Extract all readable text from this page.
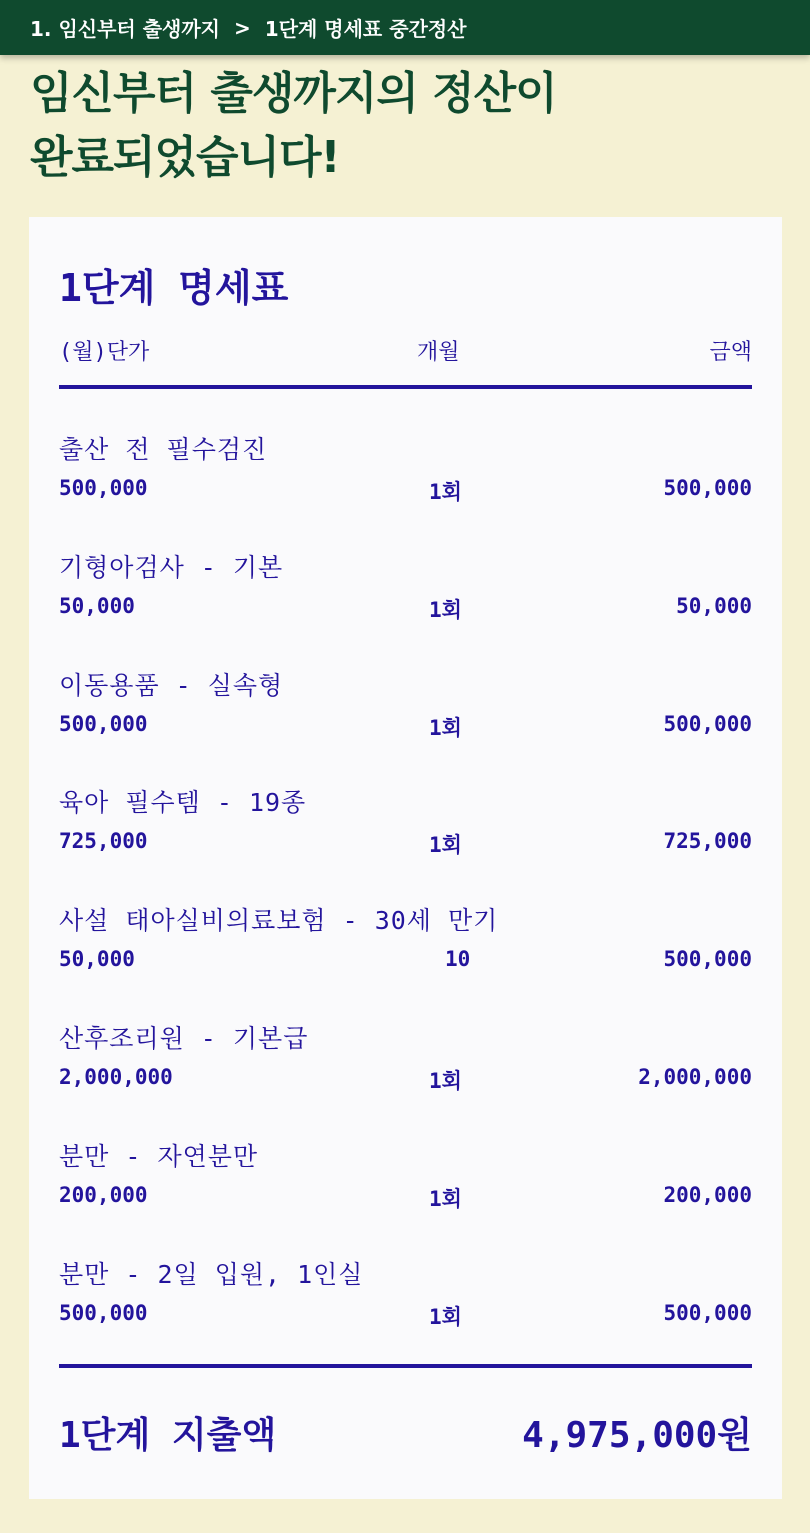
1. 임신부터 출생까지 > 1단계 명세표 중간정산
임신부터 출생까지의 정산이
완료되었습니다!
1단계 명세표
(월)단가	개월	금액
출산 전 필수검진
500,000	1회	500,000
기형아검사 - 기본
50,000	1회	50,000
이동용품 - 실속형
500,000	1회	500,000
육아 필수템 - 19종
725,000	1회	725,000
사설 태아실비의료보험 - 30세 만기
50,000	10	500,000
산후조리원 - 기본급
2,000,000	1회	2,000,000
분만 - 자연분만
200,000	1회	200,000
분만 - 2일 입원, 1인실
500,000	1회	500,000
1단계 지출액	4,975,000원
